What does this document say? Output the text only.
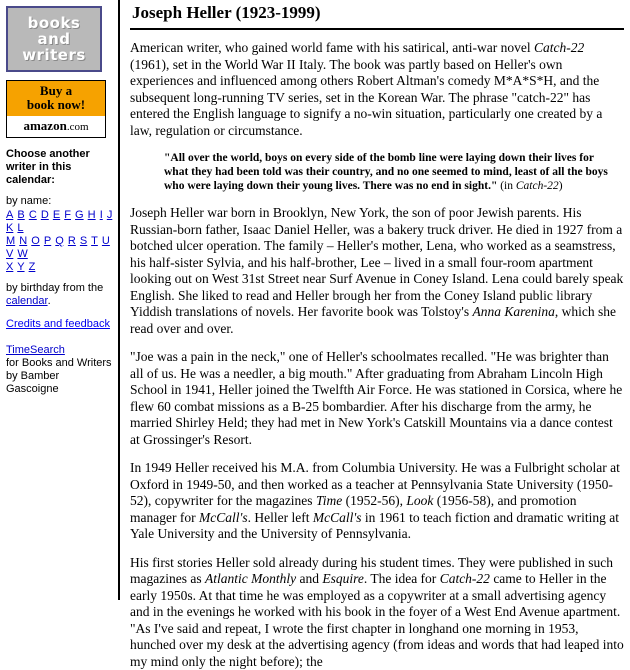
books
and
writers
Buy a
book now!
amazon.com

Choose another writer in this calendar:

by name:

A B C D E F G H I J K L
M N O P Q R S T U V W
X Y Z

by birthday from the calendar.

Credits and feedback
TimeSearch
for Books and Writers
by Bamber Gascoigne
Joseph Heller (1923-1999)

American writer, who gained world fame with his satirical, anti-war novel Catch-22 (1961), set in the World War II Italy. The book was partly based on Heller's own experiences and influenced among others Robert Altman's comedy M*A*S*H, and the subsequent long-running TV series, set in the Korean War. The phrase "catch-22" has entered the English language to signify a no-win situation, particularly one created by a law, regulation or circumstance.

"All over the world, boys on every side of the bomb line were laying down their lives for what they had been told was their country, and no one seemed to mind, least of all the boys who were laying down their young lives. There was no end in sight." (in Catch-22)

Joseph Heller war born in Brooklyn, New York, the son of poor Jewish parents. His Russian-born father, Isaac Daniel Heller, was a bakery truck driver. He died in 1927 from a botched ulcer operation. The family – Heller's mother, Lena, who worked as a seamstress, his half-sister Sylvia, and his half-brother, Lee – lived in a small four-room apartment looking out on West 31st Street near Surf Avenue in Coney Island. Lena could barely speak English. She liked to read and Heller brough her from the Coney Island public library Yiddish translations of novels. Her favorite book was Tolstoy's Anna Karenina, which she read over and over.

"Joe was a pain in the neck," one of Heller's schoolmates recalled. "He was brighter than all of us. He was a needler, a big mouth." After graduating from Abraham Lincoln High School in 1941, Heller joined the Twelfth Air Force. He was stationed in Corsica, where he flew 60 combat missions as a B-25 bombardier. After his discharge from the army, he married Shirley Held; they had met in New York's Catskill Mountains via a dance contest at Grossinger's Resort.

In 1949 Heller received his M.A. from Columbia University. He was a Fulbright scholar at Oxford in 1949-50, and then worked as a teacher at Pennsylvania State University (1950-52), copywriter for the magazines Time (1952-56), Look (1956-58), and promotion manager for McCall's. Heller left McCall's in 1961 to teach fiction and dramatic writing at Yale University and the University of Pennsylvania.

His first stories Heller sold already during his student times. They were published in such magazines as Atlantic Monthly and Esquire. The idea for Catch-22 came to Heller in the early 1950s. At that time he was employed as a copywriter at a small advertising agency and in the evenings he worked with his book in the foyer of a West End Avenue apartment. "As I've said and repeat, I wrote the first chapter in longhand one morning in 1953, hunched over my desk at the advertising agency (from ideas and words that had leaped into my mind only the night before); the
